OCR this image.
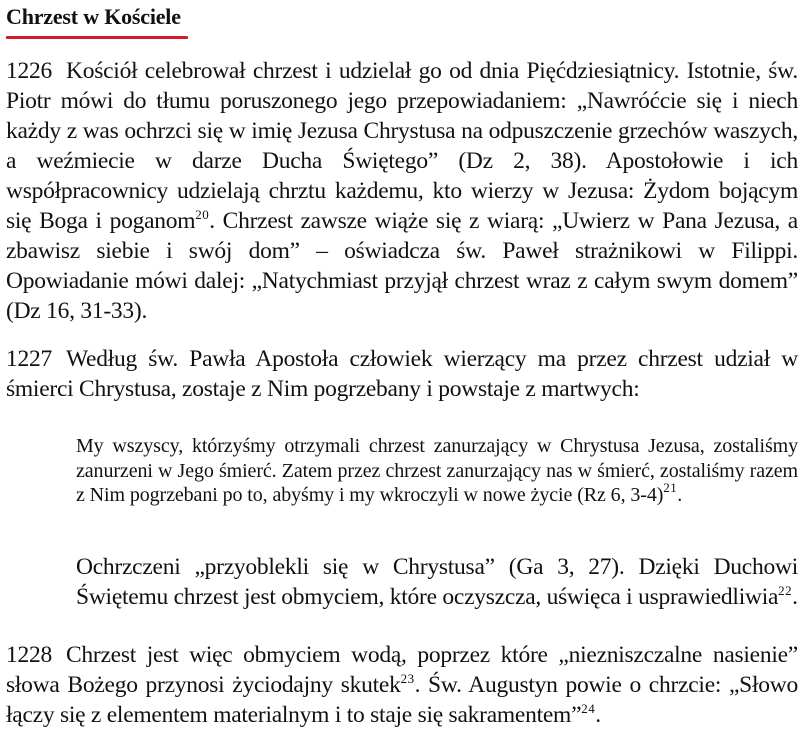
Chrzest w Kościele
1226 Kościół celebrował chrzest i udzielał go od dnia Pięćdziesiątnicy. Istotnie, św. Piotr mówi do tłumu poruszonego jego przepowiadaniem: „Nawróćcie się i niech każdy z was ochrzci się w imię Jezusa Chrystusa na odpuszczenie grzechów waszych, a weźmiecie w darze Ducha Świętego” (Dz 2, 38). Apostołowie i ich współpracownicy udzielają chrztu każdemu, kto wierzy w Jezusa: Żydom bojącym się Boga i poganom$^{20}$. Chrzest zawsze wiąże się z wiarą: „Uwierz w Pana Jezusa, a zbawisz siebie i swój dom” – oświadcza św. Paweł strażnikowi w Filippi. Opowiadanie mówi dalej: „Natychmiast przyjął chrzest wraz z całym swym domem” (Dz 16, 31-33).
1227 Według św. Pawła Apostoła człowiek wierzący ma przez chrzest udział w śmierci Chrystusa, zostaje z Nim pogrzebany i powstaje z martwych:
My wszyscy, którzyśmy otrzymali chrzest zanurzający w Chrystusa Jezusa, zostaliśmy zanurzeni w Jego śmierć. Zatem przez chrzest zanurzający nas w śmierć, zostaliśmy razem z Nim pogrzebani po to, abyśmy i my wkroczyli w nowe życie (Rz 6, 3-4)$^{21}$.
Ochrzczeni „przyoblekli się w Chrystusa” (Ga 3, 27). Dzięki Duchowi Świętemu chrzest jest obmyciem, które oczyszcza, uświęca i usprawiedliwia$^{22}$.
1228 Chrzest jest więc obmyciem wodą, poprzez które „niezniszczalne nasienie” słowa Bożego przynosi życiodajny skutek$^{23}$. Św. Augustyn powie o chrzcie: „Słowo łączy się z elementem materialnym i to staje się sakramentem”$^{24}$.
